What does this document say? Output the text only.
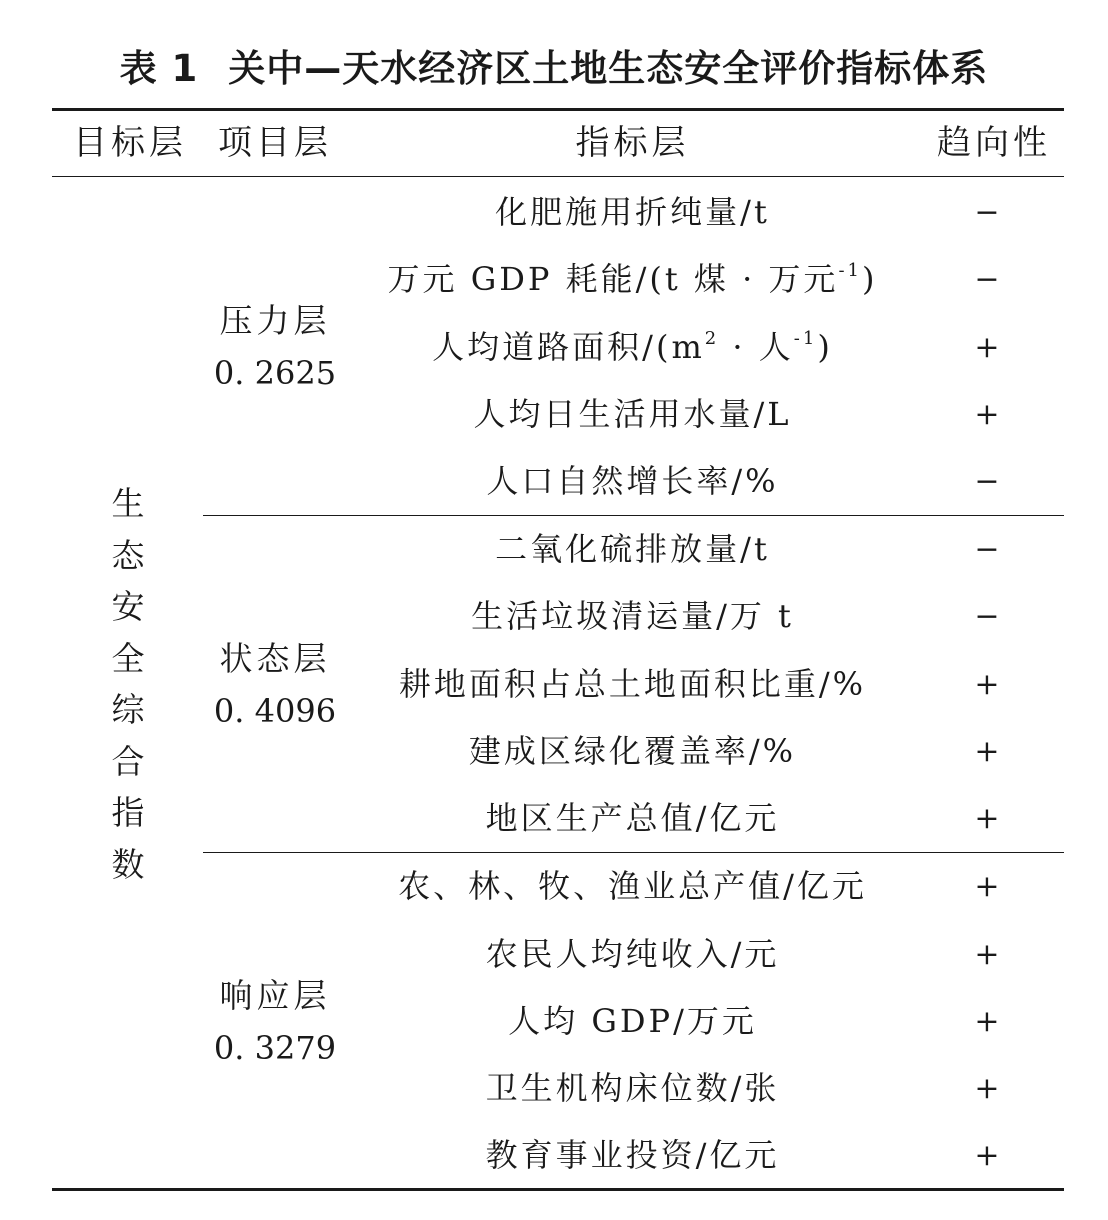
表 1 关中—天水经济区土地生态安全评价指标体系
目标层 项目层	指标层	趋向性
生态安全综合指数
压力层
0. 2625
化肥施用折纯量/t	−
万元 GDP 耗能/(t 煤 · 万元$^{-1}$)	−
人均道路面积$/(m^2$ · 人$^{-1}$)	+
人均日生活用水量/L	+
人口自然增长率/%	−
状态层
0. 4096
二氧化硫排放量/t	−
生活垃圾清运量/万 t	−
耕地面积占总土地面积比重/%	+
建成区绿化覆盖率/%	+
地区生产总值/亿元	+
响应层
0. 3279
农、林、牧、渔业总产值/亿元	+
农民人均纯收入/元	+
人均 GDP/万元	+
卫生机构床位数/张	+
教育事业投资/亿元	+
